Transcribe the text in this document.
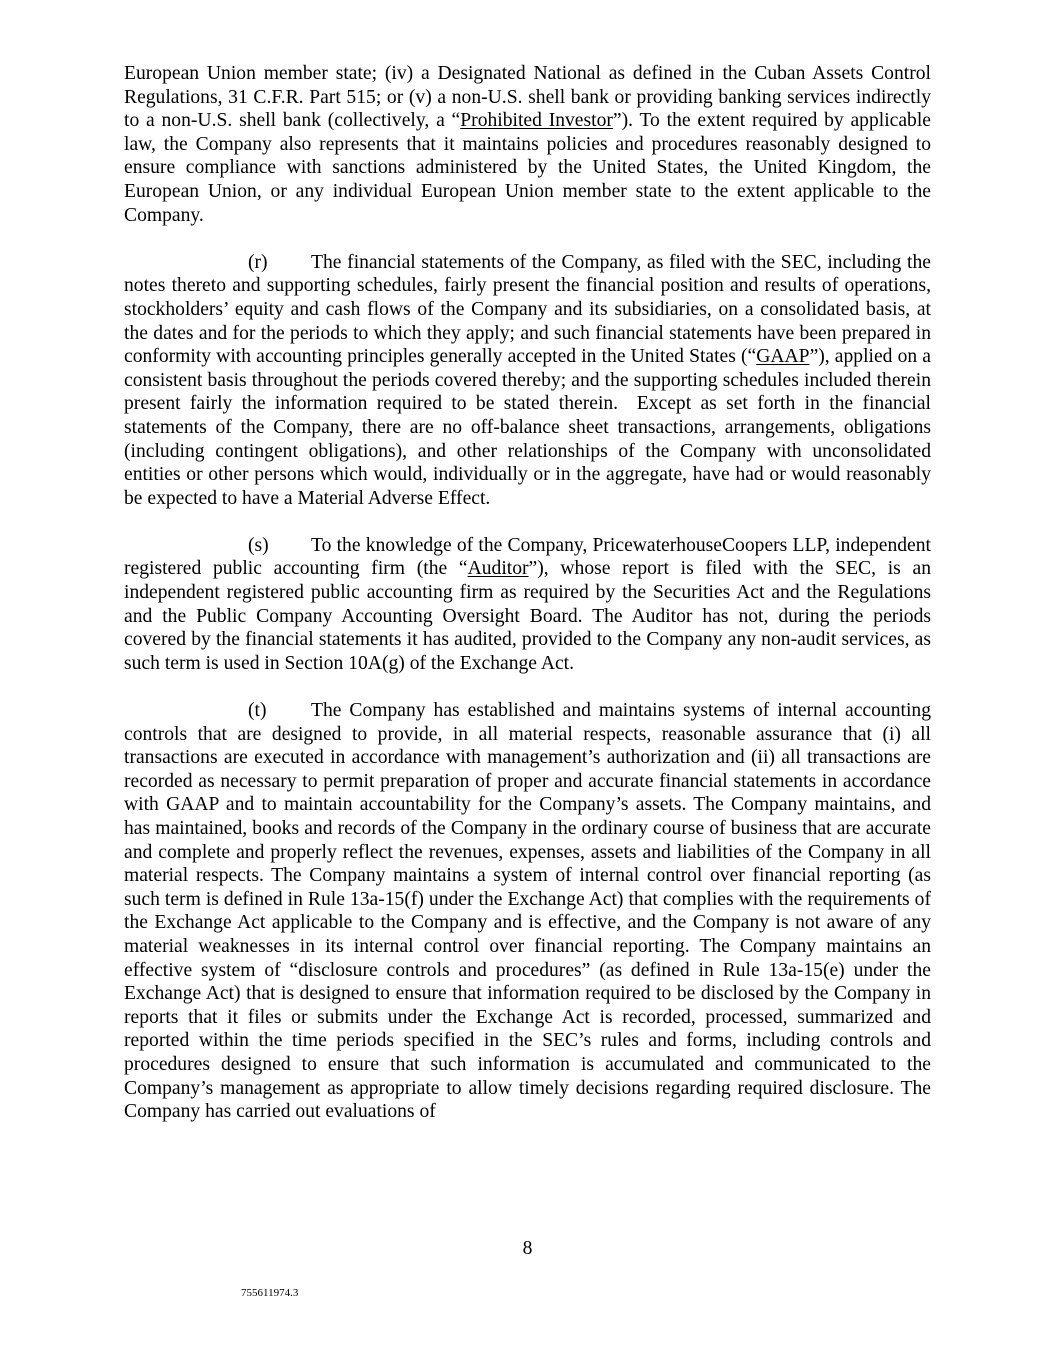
European Union member state; (iv) a Designated National as defined in the Cuban Assets Control Regulations, 31 C.F.R. Part 515; or (v) a non-U.S. shell bank or providing banking services indirectly to a non-U.S. shell bank (collectively, a “Prohibited Investor”). To the extent required by applicable law, the Company also represents that it maintains policies and procedures reasonably designed to ensure compliance with sanctions administered by the United States, the United Kingdom, the European Union, or any individual European Union member state to the extent applicable to the Company.

(r) The financial statements of the Company, as filed with the SEC, including the notes thereto and supporting schedules, fairly present the financial position and results of operations, stockholders’ equity and cash flows of the Company and its subsidiaries, on a consolidated basis, at the dates and for the periods to which they apply; and such financial statements have been prepared in conformity with accounting principles generally accepted in the United States (“GAAP”), applied on a consistent basis throughout the periods covered thereby; and the supporting schedules included therein present fairly the information required to be stated therein.  Except as set forth in the financial statements of the Company, there are no off-balance sheet transactions, arrangements, obligations (including contingent obligations), and other relationships of the Company with unconsolidated entities or other persons which would, individually or in the aggregate, have had or would reasonably be expected to have a Material Adverse Effect.

(s) To the knowledge of the Company, PricewaterhouseCoopers LLP, independent registered public accounting firm (the “Auditor”), whose report is filed with the SEC, is an independent registered public accounting firm as required by the Securities Act and the Regulations and the Public Company Accounting Oversight Board. The Auditor has not, during the periods covered by the financial statements it has audited, provided to the Company any non-audit services, as such term is used in Section 10A(g) of the Exchange Act.

(t) The Company has established and maintains systems of internal accounting controls that are designed to provide, in all material respects, reasonable assurance that (i) all transactions are executed in accordance with management’s authorization and (ii) all transactions are recorded as necessary to permit preparation of proper and accurate financial statements in accordance with GAAP and to maintain accountability for the Company’s assets. The Company maintains, and has maintained, books and records of the Company in the ordinary course of business that are accurate and complete and properly reflect the revenues, expenses, assets and liabilities of the Company in all material respects. The Company maintains a system of internal control over financial reporting (as such term is defined in Rule 13a-15(f) under the Exchange Act) that complies with the requirements of the Exchange Act applicable to the Company and is effective, and the Company is not aware of any material weaknesses in its internal control over financial reporting. The Company maintains an effective system of “disclosure controls and procedures” (as defined in Rule 13a-15(e) under the Exchange Act) that is designed to ensure that information required to be disclosed by the Company in reports that it files or submits under the Exchange Act is recorded, processed, summarized and reported within the time periods specified in the SEC’s rules and forms, including controls and procedures designed to ensure that such information is accumulated and communicated to the Company’s management as appropriate to allow timely decisions regarding required disclosure. The Company has carried out evaluations of

8
755611974.3
